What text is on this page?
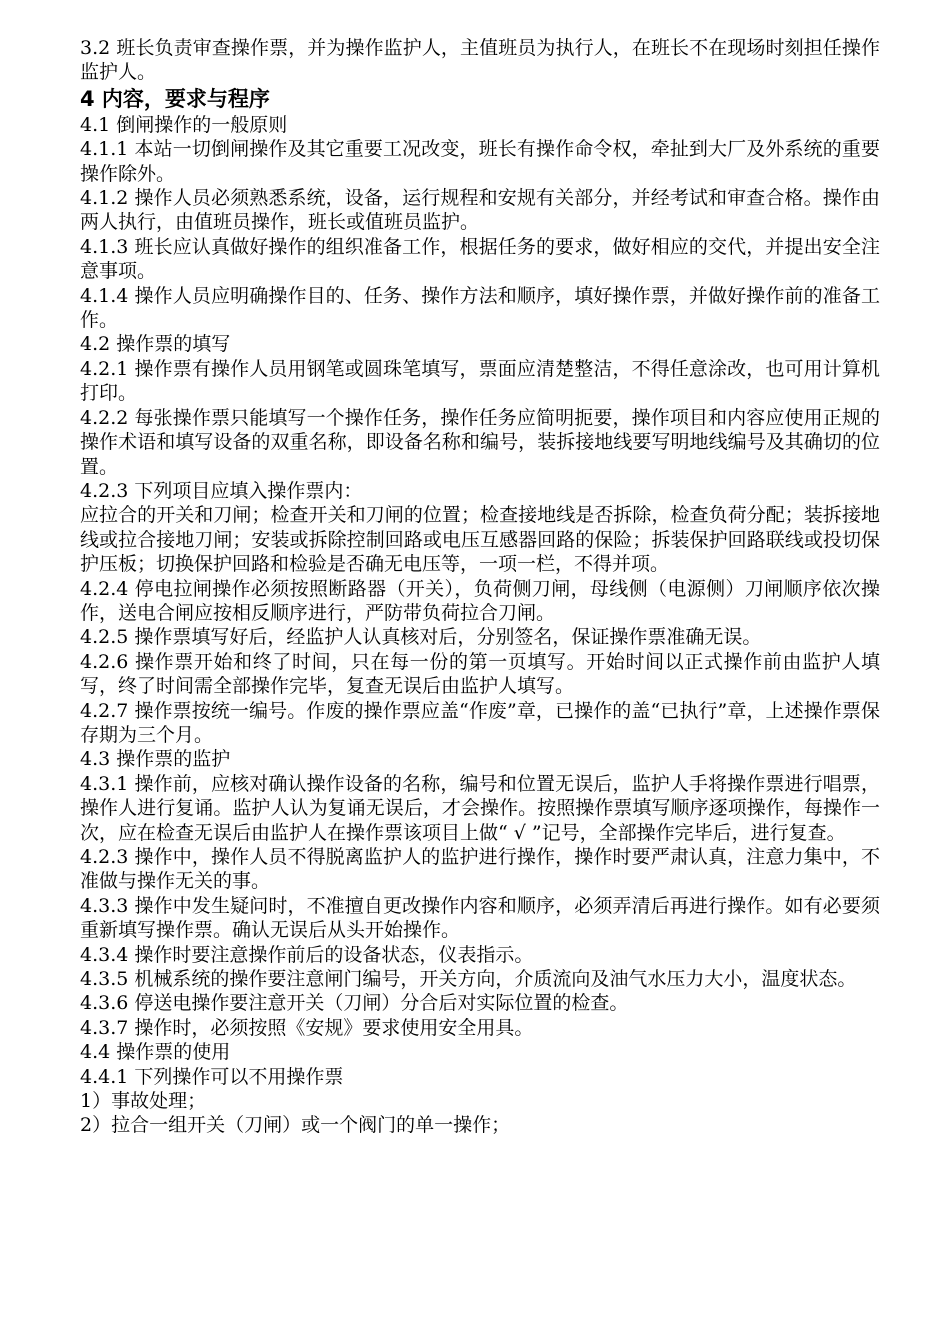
3.2 班长负责审查操作票，并为操作监护人，主值班员为执行人，在班长不在现场时刻担任操作监护人。

4 内容，要求与程序

4.1 倒闸操作的一般原则

4.1.1 本站一切倒闸操作及其它重要工况改变，班长有操作命令权，牵扯到大厂及外系统的重要操作除外。

4.1.2 操作人员必须熟悉系统，设备，运行规程和安规有关部分，并经考试和审查合格。操作由两人执行，由值班员操作，班长或值班员监护。

4.1.3 班长应认真做好操作的组织准备工作，根据任务的要求，做好相应的交代，并提出安全注意事项。

4.1.4 操作人员应明确操作目的、任务、操作方法和顺序，填好操作票，并做好操作前的准备工作。

4.2 操作票的填写

4.2.1 操作票有操作人员用钢笔或圆珠笔填写，票面应清楚整洁，不得任意涂改，也可用计算机打印。

4.2.2 每张操作票只能填写一个操作任务，操作任务应简明扼要，操作项目和内容应使用正规的操作术语和填写设备的双重名称，即设备名称和编号，装拆接地线要写明地线编号及其确切的位置。

4.2.3 下列项目应填入操作票内：

应拉合的开关和刀闸；检查开关和刀闸的位置；检查接地线是否拆除，检查负荷分配；装拆接地线或拉合接地刀闸；安装或拆除控制回路或电压互感器回路的保险；拆装保护回路联线或投切保护压板；切换保护回路和检验是否确无电压等，一项一栏，不得并项。

4.2.4 停电拉闸操作必须按照断路器（开关），负荷侧刀闸，母线侧（电源侧）刀闸顺序依次操作，送电合闸应按相反顺序进行，严防带负荷拉合刀闸。

4.2.5 操作票填写好后，经监护人认真核对后，分别签名，保证操作票准确无误。

4.2.6 操作票开始和终了时间，只在每一份的第一页填写。开始时间以正式操作前由监护人填写，终了时间需全部操作完毕，复查无误后由监护人填写。

4.2.7 操作票按统一编号。作废的操作票应盖“作废”章，已操作的盖“已执行”章，上述操作票保存期为三个月。

4.3 操作票的监护

4.3.1 操作前，应核对确认操作设备的名称，编号和位置无误后，监护人手将操作票进行唱票，操作人进行复诵。监护人认为复诵无误后，才会操作。按照操作票填写顺序逐项操作，每操作一次，应在检查无误后由监护人在操作票该项目上做“ √ ”记号，全部操作完毕后，进行复查。

4.2.3 操作中，操作人员不得脱离监护人的监护进行操作，操作时要严肃认真，注意力集中，不准做与操作无关的事。

4.3.3 操作中发生疑问时，不准擅自更改操作内容和顺序，必须弄清后再进行操作。如有必要须重新填写操作票。确认无误后从头开始操作。

4.3.4 操作时要注意操作前后的设备状态，仪表指示。

4.3.5 机械系统的操作要注意闸门编号，开关方向，介质流向及油气水压力大小，温度状态。

4.3.6 停送电操作要注意开关（刀闸）分合后对实际位置的检查。

4.3.7 操作时，必须按照《安规》要求使用安全用具。

4.4 操作票的使用

4.4.1 下列操作可以不用操作票

1）事故处理；

2）拉合一组开关（刀闸）或一个阀门的单一操作；
